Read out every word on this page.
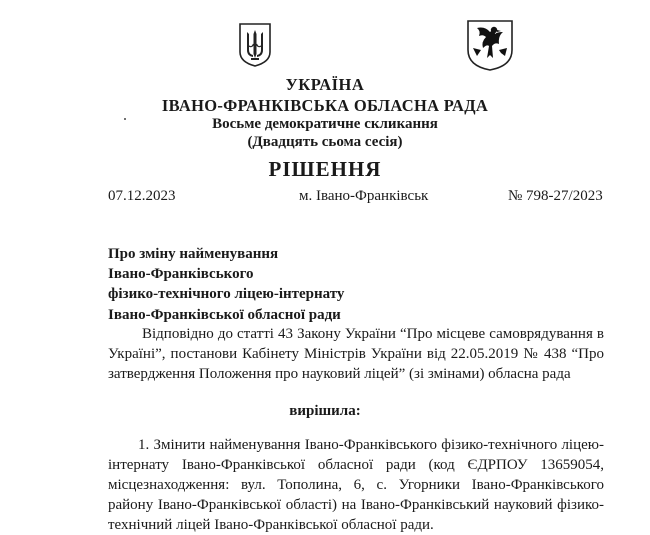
УКРАЇНА
ІВАНО-ФРАНКІВСЬКА ОБЛАСНА РАДА
Восьме демократичне скликання
(Двадцять сьома сесія)
РІШЕННЯ
07.12.2023	м. Івано-Франківськ	№ 798-27/2023
Про зміну найменування
Івано-Франківського
фізико-технічного ліцею-інтернату
Івано-Франківської обласної ради
Відповідно до статті 43 Закону України “Про місцеве самоврядування в Україні”, постанови Кабінету Міністрів України від 22.05.2019 № 438 “Про затвердження Положення про науковий ліцей” (зі змінами) обласна рада
вирішила:
1. Змінити найменування Івано-Франківського фізико-технічного ліцею-інтернату Івано-Франківської обласної ради (код ЄДРПОУ 13659054, місцезнаходження: вул. Тополина, 6, с. Угорники Івано-Франківського району Івано-Франківської області) на Івано-Франківський науковий фізико-технічний ліцей Івано-Франківської обласної ради.
